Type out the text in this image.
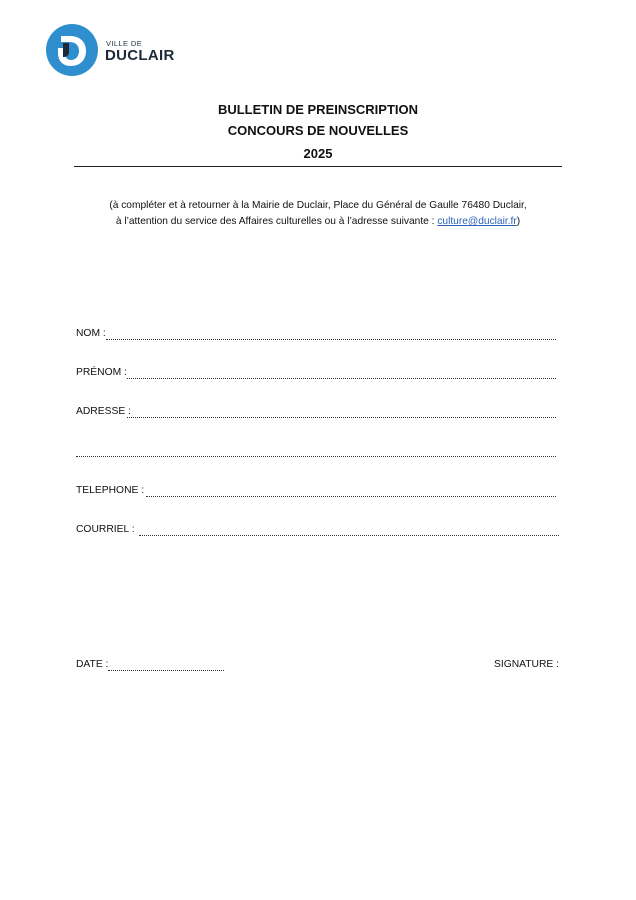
VILLE DE
DUCLAIR
BULLETIN DE PREINSCRIPTION
CONCOURS DE NOUVELLES
2025
(à compléter et à retourner à la Mairie de Duclair, Place du Général de Gaulle 76480 Duclair,
à l’attention du service des Affaires culturelles ou à l’adresse suivante : culture@duclair.fr)
NOM :
PRÉNOM :
ADRESSE :
TELEPHONE :
COURRIEL :
DATE :	SIGNATURE :
